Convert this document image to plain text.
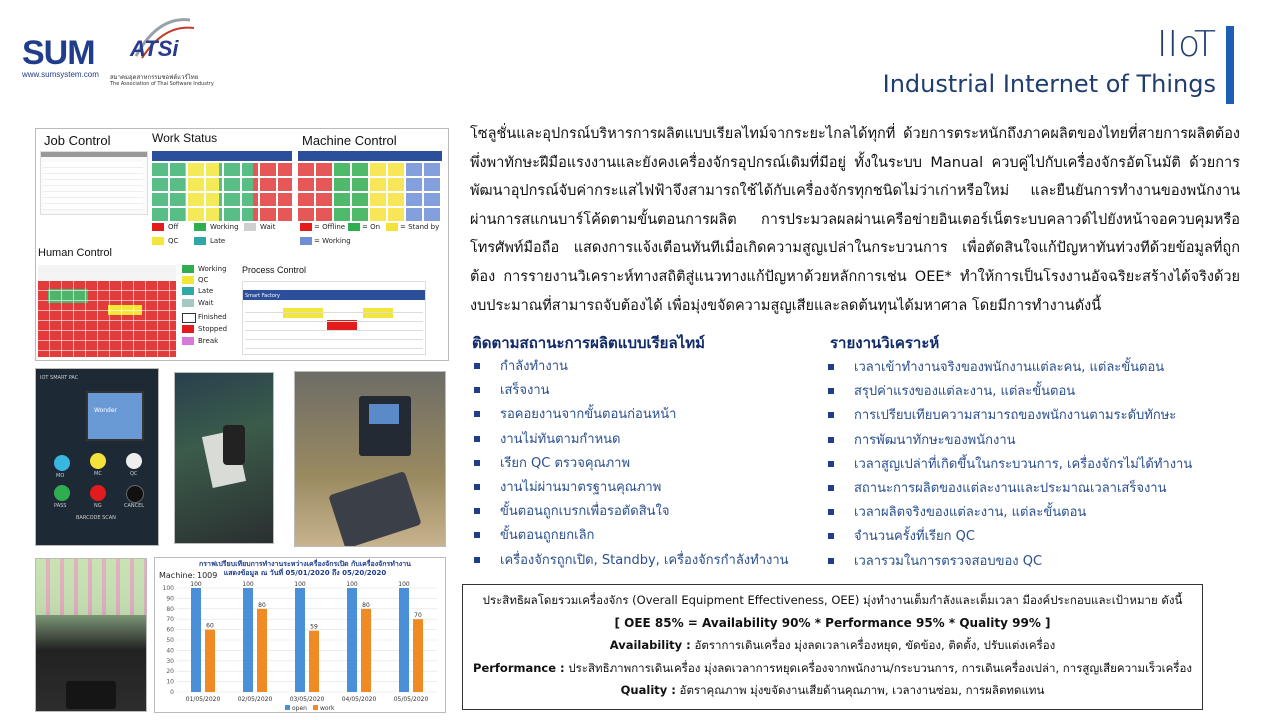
SUM
www.sumsystem.com
ATSi
สมาคมอุตสาหกรรมซอฟต์แวร์ไทย
The Association of Thai Software Industry
IIoT
Industrial Internet of Things
Job Control	Work Status	Machine Control
Off	Working	Wait
QC	Late
= Offline = On	= Stand by
= Working
Human Control
Working
QC
Late
Wait
Finished
Stopped
Break
Process Control
Smart Factory
IOT SMART PAC
Wonder
MO	MC	QC
PASS	NG	CANCEL
BARCODE SCAN
กราฟเปรียบเทียบการทำงานระหว่างเครื่องจักรเปิด กับเครื่องจักรทำงาน
แสดงข้อมูล ณ วันที่ 05/01/2020 ถึง 05/20/2020
Machine: 1009
0
10
20
30
40
50
60
70
80
90
100
100
60
100
80
100
59
100
80
100
70
01/05/2020	02/05/2020	03/05/2020	04/05/2020	05/05/2020
open work
โซลูชั่นและอุปกรณ์บริหารการผลิตแบบเรียลไทม์จากระยะไกลได้ทุกที่ ด้วยการตระหนักถึงภาคผลิตของไทยที่สายการผลิตต้องพึ่งพาทักษะฝีมือแรงงานและยังคงเครื่องจักรอุปกรณ์เดิมที่มีอยู่ ทั้งในระบบ Manual ควบคู่ไปกับเครื่องจักรอัตโนมัติ ด้วยการพัฒนาอุปกรณ์จับค่ากระแสไฟฟ้าจึงสามารถใช้ได้กับเครื่องจักรทุกชนิดไม่ว่าเก่าหรือใหม่ และยืนยันการทำงานของพนักงานผ่านการสแกนบาร์โค้ดตามขั้นตอนการผลิต การประมวลผลผ่านเครือข่ายอินเตอร์เน็ตระบบคลาวด์ไปยังหน้าจอควบคุมหรือโทรศัพท์มือถือ แสดงการแจ้งเตือนทันทีเมื่อเกิดความสูญเปล่าในกระบวนการ เพื่อตัดสินใจแก้ปัญหาทันท่วงทีด้วยข้อมูลที่ถูกต้อง การรายงานวิเคราะห์ทางสถิติสู่แนวทางแก้ปัญหาด้วยหลักการเช่น OEE* ทำให้การเป็นโรงงานอัจฉริยะสร้างได้จริงด้วยงบประมาณที่สามารถจับต้องได้ เพื่อมุ่งขจัดความสูญเสียและลดต้นทุนได้มหาศาล โดยมีการทำงานดังนี้
ติดตามสถานะการผลิตแบบเรียลไทม์
กำลังทำงาน
เสร็จงาน
รอคอยงานจากขั้นตอนก่อนหน้า
งานไม่ทันตามกำหนด
เรียก QC ตรวจคุณภาพ
งานไม่ผ่านมาตรฐานคุณภาพ
ขั้นตอนถูกเบรกเพื่อรอตัดสินใจ
ขั้นตอนถูกยกเลิก
เครื่องจักรถูกเปิด, Standby, เครื่องจักรกำลังทำงาน
รายงานวิเคราะห์
เวลาเข้าทำงานจริงของพนักงานแต่ละคน, แต่ละขั้นตอน
สรุปค่าแรงของแต่ละงาน, แต่ละขั้นตอน
การเปรียบเทียบความสามารถของพนักงานตามระดับทักษะ
การพัฒนาทักษะของพนักงาน
เวลาสูญเปล่าที่เกิดขึ้นในกระบวนการ, เครื่องจักรไม่ได้ทำงาน
สถานะการผลิตของแต่ละงานและประมาณเวลาเสร็จงาน
เวลาผลิตจริงของแต่ละงาน, แต่ละขั้นตอน
จำนวนครั้งที่เรียก QC
เวลารวมในการตรวจสอบของ QC
ประสิทธิผลโดยรวมเครื่องจักร (Overall Equipment Effectiveness, OEE) มุ่งทำงานเต็มกำลังและเต็มเวลา มีองค์ประกอบและเป้าหมาย ดังนี้
[ OEE 85% = Availability 90% * Performance 95% * Quality 99% ]
Availability : อัตราการเดินเครื่อง มุ่งลดเวลาเครื่องหยุด, ขัดข้อง, ติดตั้ง, ปรับแต่งเครื่อง
Performance : ประสิทธิภาพการเดินเครื่อง มุ่งลดเวลาการหยุดเครื่องจากพนักงาน/กระบวนการ, การเดินเครื่องเปล่า, การสูญเสียความเร็วเครื่อง
Quality : อัตราคุณภาพ มุ่งขจัดงานเสียด้านคุณภาพ, เวลางานซ่อม, การผลิตทดแทน
